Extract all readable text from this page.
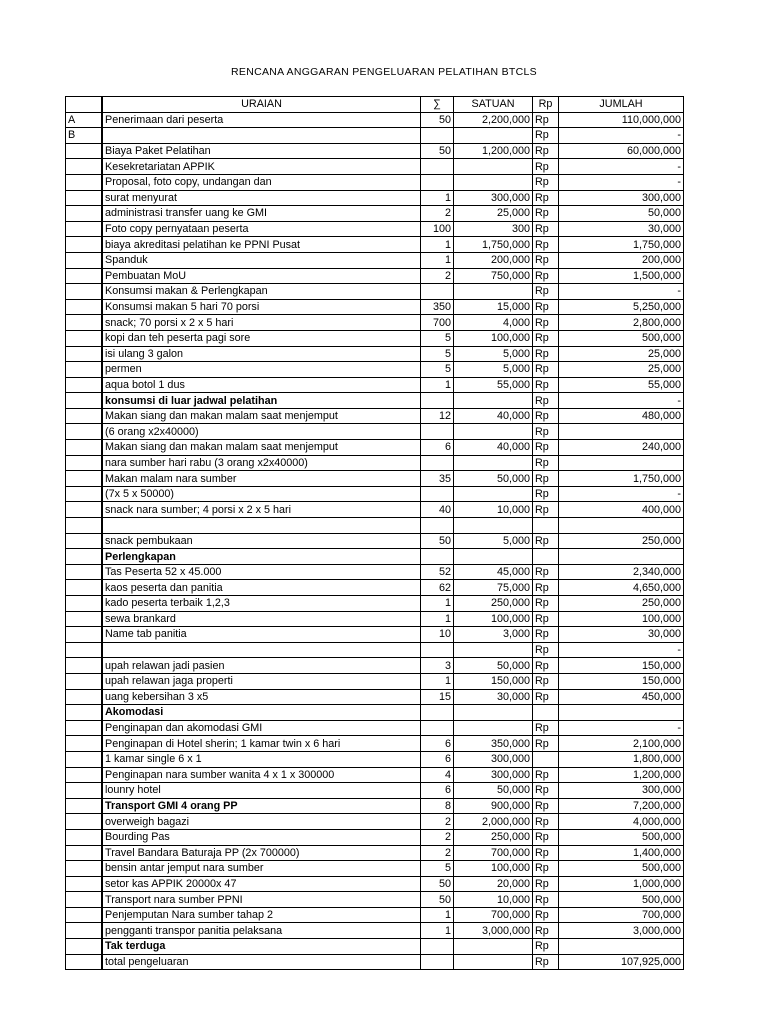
RENCANA ANGGARAN PENGELUARAN PELATIHAN BTCLS
		URAIAN	∑	SATUAN	Rp	JUMLAH
A		Penerimaan dari peserta	50	2,200,000	Rp	110,000,000
B					Rp	-
		Biaya Paket Pelatihan	50	1,200,000	Rp	60,000,000
		Kesekretariatan APPIK			Rp	-
		Proposal, foto copy, undangan dan			Rp	-
		surat menyurat	1	300,000	Rp	300,000
		administrasi transfer uang ke GMI	2	25,000	Rp	50,000
		Foto copy pernyataan peserta	100	300	Rp	30,000
		biaya akreditasi pelatihan ke PPNI Pusat	1	1,750,000	Rp	1,750,000
		Spanduk	1	200,000	Rp	200,000
		Pembuatan MoU	2	750,000	Rp	1,500,000
		Konsumsi makan & Perlengkapan			Rp	-
		Konsumsi makan 5 hari 70 porsi	350	15,000	Rp	5,250,000
		snack; 70 porsi x 2 x 5 hari	700	4,000	Rp	2,800,000
		kopi dan teh peserta pagi sore	5	100,000	Rp	500,000
		isi ulang 3 galon	5	5,000	Rp	25,000
		permen	5	5,000	Rp	25,000
		aqua botol 1 dus	1	55,000	Rp	55,000
		konsumsi di luar jadwal pelatihan			Rp	-
		Makan siang dan makan malam saat menjemput	12	40,000	Rp	480,000
		(6 orang x2x40000)			Rp	
		Makan siang dan makan malam saat menjemput	6	40,000	Rp	240,000
		nara sumber hari rabu (3 orang x2x40000)			Rp	
		Makan malam nara sumber	35	50,000	Rp	1,750,000
		(7x 5 x 50000)			Rp	-
		snack nara sumber; 4 porsi x 2 x 5 hari	40	10,000	Rp	400,000

		snack pembukaan	50	5,000	Rp	250,000
		Perlengkapan				
		Tas Peserta 52 x 45.000	52	45,000	Rp	2,340,000
		kaos peserta dan panitia	62	75,000	Rp	4,650,000
		kado peserta terbaik 1,2,3	1	250,000	Rp	250,000
		sewa brankard	1	100,000	Rp	100,000
		Name tab panitia	10	3,000	Rp	30,000
					Rp	-
		upah relawan jadi pasien	3	50,000	Rp	150,000
		upah relawan jaga properti	1	150,000	Rp	150,000
		uang kebersihan 3 x5	15	30,000	Rp	450,000
		Akomodasi				
		Penginapan dan akomodasi GMI			Rp	-
		Penginapan di Hotel sherin; 1 kamar twin x 6 hari	6	350,000	Rp	2,100,000
		1 kamar single 6 x 1	6	300,000		1,800,000
		Penginapan nara sumber wanita 4 x 1 x 300000	4	300,000	Rp	1,200,000
		lounry hotel	6	50,000	Rp	300,000
		Transport GMI 4 orang PP	8	900,000	Rp	7,200,000
		overweigh bagazi	2	2,000,000	Rp	4,000,000
		Bourding Pas	2	250,000	Rp	500,000
		Travel Bandara Baturaja PP (2x 700000)	2	700,000	Rp	1,400,000
		bensin antar jemput nara sumber	5	100,000	Rp	500,000
		setor kas APPIK 20000x 47	50	20,000	Rp	1,000,000
		Transport nara sumber PPNI	50	10,000	Rp	500,000
		Penjemputan Nara sumber tahap 2	1	700,000	Rp	700,000
		pengganti transpor panitia pelaksana	1	3,000,000	Rp	3,000,000
		Tak terduga			Rp	
		total pengeluaran			Rp	107,925,000
